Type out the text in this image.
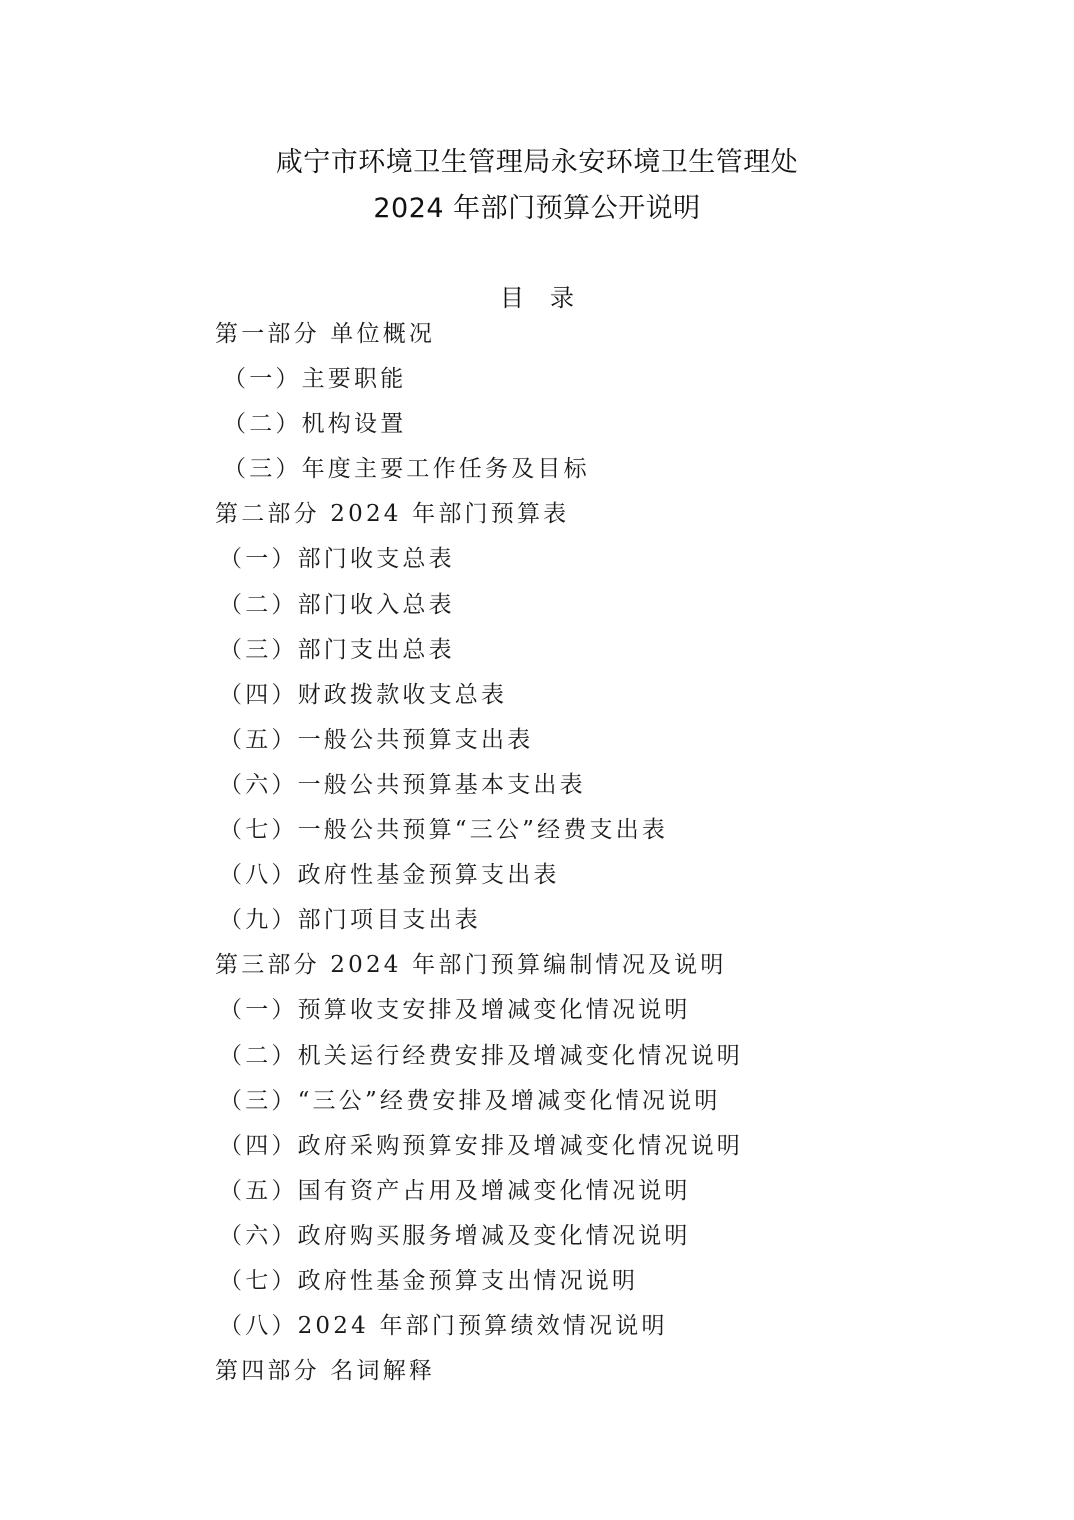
咸宁市环境卫生管理局永安环境卫生管理处
2024 年部门预算公开说明
目录
第一部分 单位概况
（一）主要职能
（二）机构设置
（三）年度主要工作任务及目标
第二部分 2024 年部门预算表
（一）部门收支总表
（二）部门收入总表
（三）部门支出总表
（四）财政拨款收支总表
（五）一般公共预算支出表
（六）一般公共预算基本支出表
（七）一般公共预算“三公”经费支出表
（八）政府性基金预算支出表
（九）部门项目支出表
第三部分 2024 年部门预算编制情况及说明
（一）预算收支安排及增减变化情况说明
（二）机关运行经费安排及增减变化情况说明
（三）“三公”经费安排及增减变化情况说明
（四）政府采购预算安排及增减变化情况说明
（五）国有资产占用及增减变化情况说明
（六）政府购买服务增减及变化情况说明
（七）政府性基金预算支出情况说明
（八）2024 年部门预算绩效情况说明
第四部分 名词解释
